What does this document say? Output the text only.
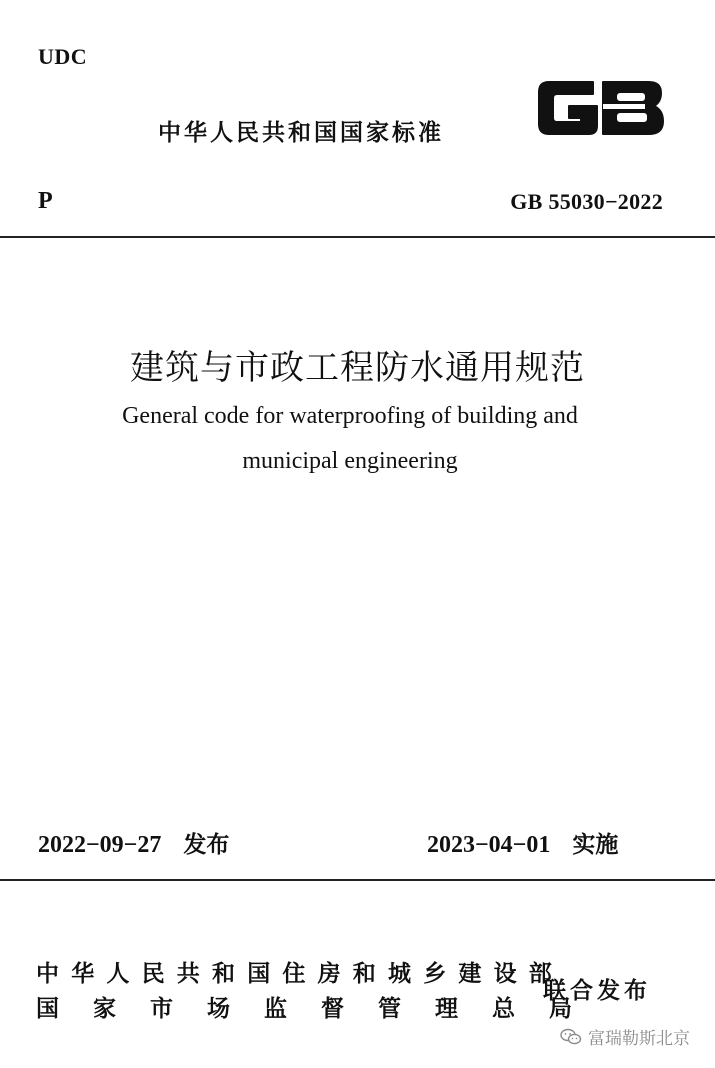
UDC
中华人民共和国国家标准
P	GB 55030−2022
建筑与市政工程防水通用规范
General code for waterproofing of building and
municipal engineering
2022−09−27 发布	2023−04−01 实施
中华人民共和国住房和城乡建设部
国家市场监督管理总局
联合发布
富瑞勒斯北京
